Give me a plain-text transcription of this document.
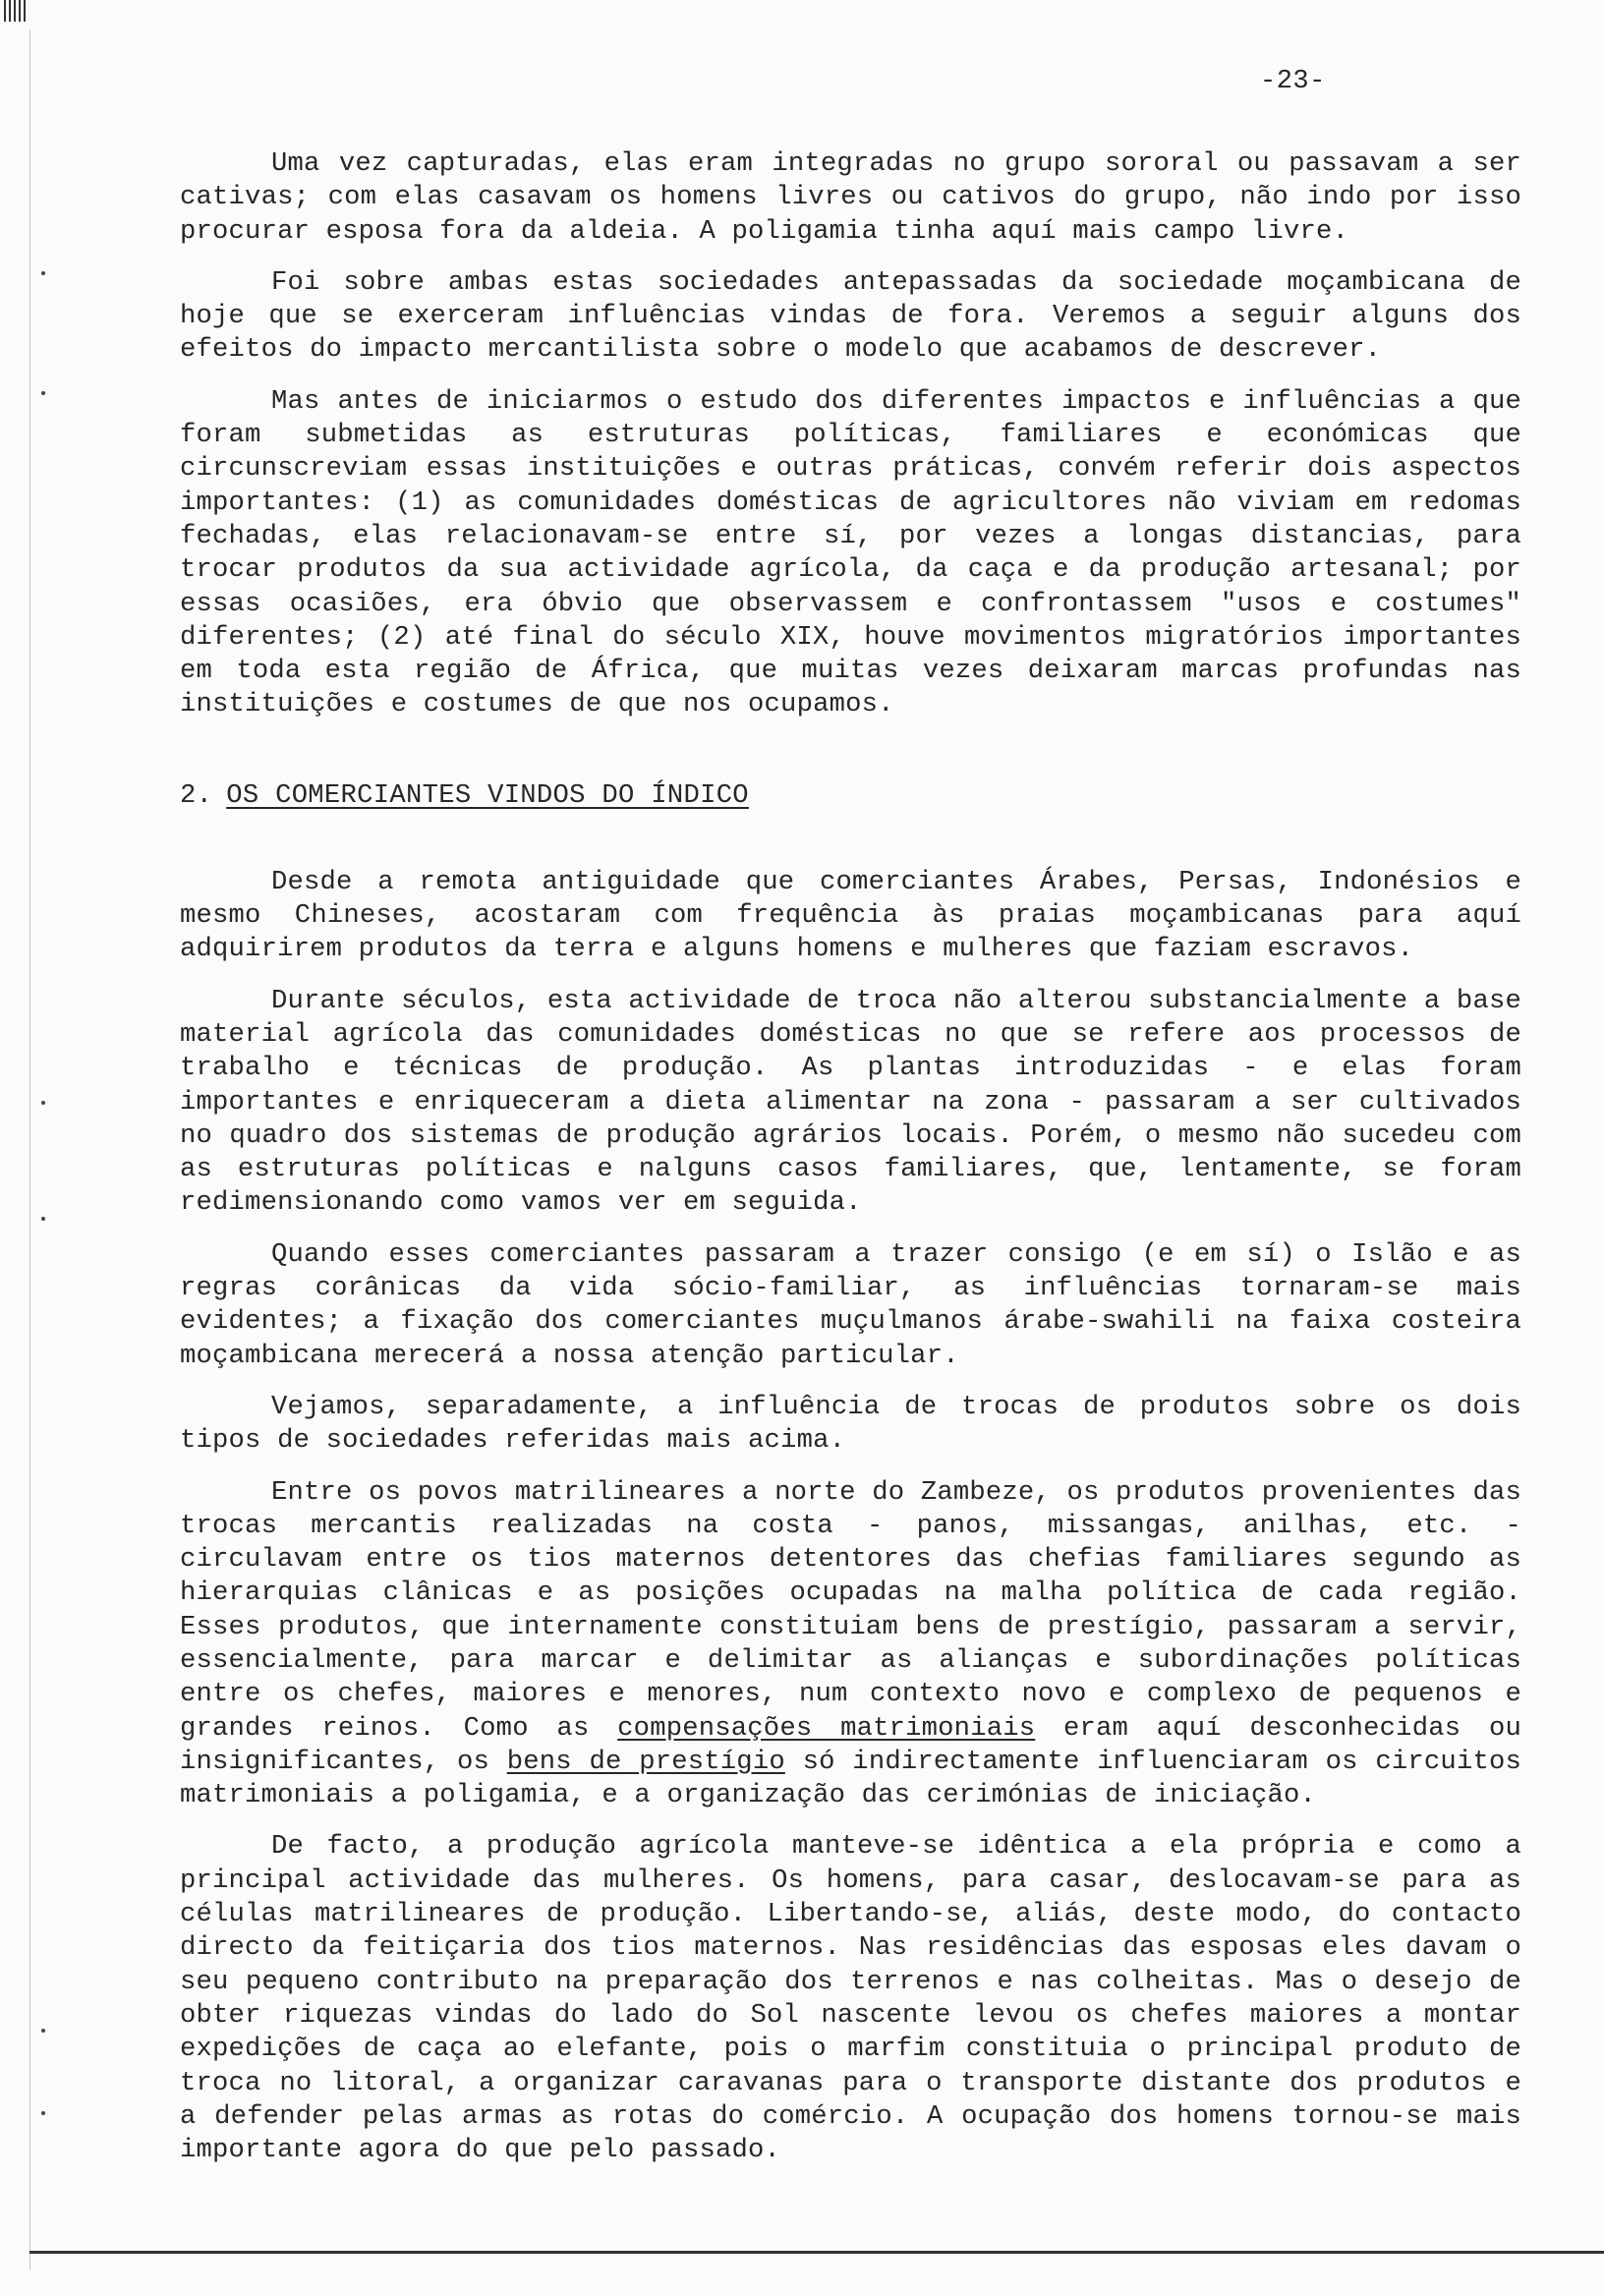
-23-

Uma vez capturadas, elas eram integradas no grupo sororal ou passavam a ser cativas; com elas casavam os homens livres ou cativos do grupo, não indo por isso procurar esposa fora da aldeia. A poligamia tinha aquí mais campo livre.

Foi sobre ambas estas sociedades antepassadas da sociedade moçambicana de hoje que se exerceram influências vindas de fora. Veremos a seguir alguns dos efeitos do impacto mercantilista sobre o modelo que acabamos de descrever.

Mas antes de iniciarmos o estudo dos diferentes impactos e influências a que foram submetidas as estruturas políticas, familiares e económicas que circunscreviam essas instituições e outras práticas, convém referir dois aspectos importantes: (1) as comunidades domésticas de agricultores não viviam em redomas fechadas, elas relacionavam-se entre sí, por vezes a longas distancias, para trocar produtos da sua actividade agrícola, da caça e da produção artesanal; por essas ocasiões, era óbvio que observassem e confrontassem "usos e costumes" diferentes; (2) até final do século XIX, houve movimentos migratórios importantes em toda esta região de África, que muitas vezes deixaram marcas profundas nas instituições e costumes de que nos ocupamos.

2. OS COMERCIANTES VINDOS DO ÍNDICO

Desde a remota antiguidade que comerciantes Árabes, Persas, Indonésios e mesmo Chineses, acostaram com frequência às praias moçambicanas para aquí adquirirem produtos da terra e alguns homens e mulheres que faziam escravos.

Durante séculos, esta actividade de troca não alterou substancialmente a base material agrícola das comunidades domésticas no que se refere aos processos de trabalho e técnicas de produção. As plantas introduzidas - e elas foram importantes e enriqueceram a dieta alimentar na zona - passaram a ser cultivados no quadro dos sistemas de produção agrários locais. Porém, o mesmo não sucedeu com as estruturas políticas e nalguns casos familiares, que, lentamente, se foram redimensionando como vamos ver em seguida.

Quando esses comerciantes passaram a trazer consigo (e em sí) o Islão e as regras corânicas da vida sócio-familiar, as influências tornaram-se mais evidentes; a fixação dos comerciantes muçulmanos árabe-swahili na faixa costeira moçambicana merecerá a nossa atenção particular.

Vejamos, separadamente, a influência de trocas de produtos sobre os dois tipos de sociedades referidas mais acima.

Entre os povos matrilineares a norte do Zambeze, os produtos provenientes das trocas mercantis realizadas na costa - panos, missangas, anilhas, etc. - circulavam entre os tios maternos detentores das chefias familiares segundo as hierarquias clânicas e as posições ocupadas na malha política de cada região. Esses produtos, que internamente constituiam bens de prestígio, passaram a servir, essencialmente, para marcar e delimitar as alianças e subordinações políticas entre os chefes, maiores e menores, num contexto novo e complexo de pequenos e grandes reinos. Como as compensações matrimoniais eram aquí desconhecidas ou insignificantes, os bens de prestígio só indirectamente influenciaram os circuitos matrimoniais a poligamia, e a organização das cerimónias de iniciação.

De facto, a produção agrícola manteve-se idêntica a ela própria e como a principal actividade das mulheres. Os homens, para casar, deslocavam-se para as células matrilineares de produção. Libertando-se, aliás, deste modo, do contacto directo da feitiçaria dos tios maternos. Nas residências das esposas eles davam o seu pequeno contributo na preparação dos terrenos e nas colheitas. Mas o desejo de obter riquezas vindas do lado do Sol nascente levou os chefes maiores a montar expedições de caça ao elefante, pois o marfim constituia o principal produto de troca no litoral, a organizar caravanas para o transporte distante dos produtos e a defender pelas armas as rotas do comércio. A ocupação dos homens tornou-se mais importante agora do que pelo passado.
